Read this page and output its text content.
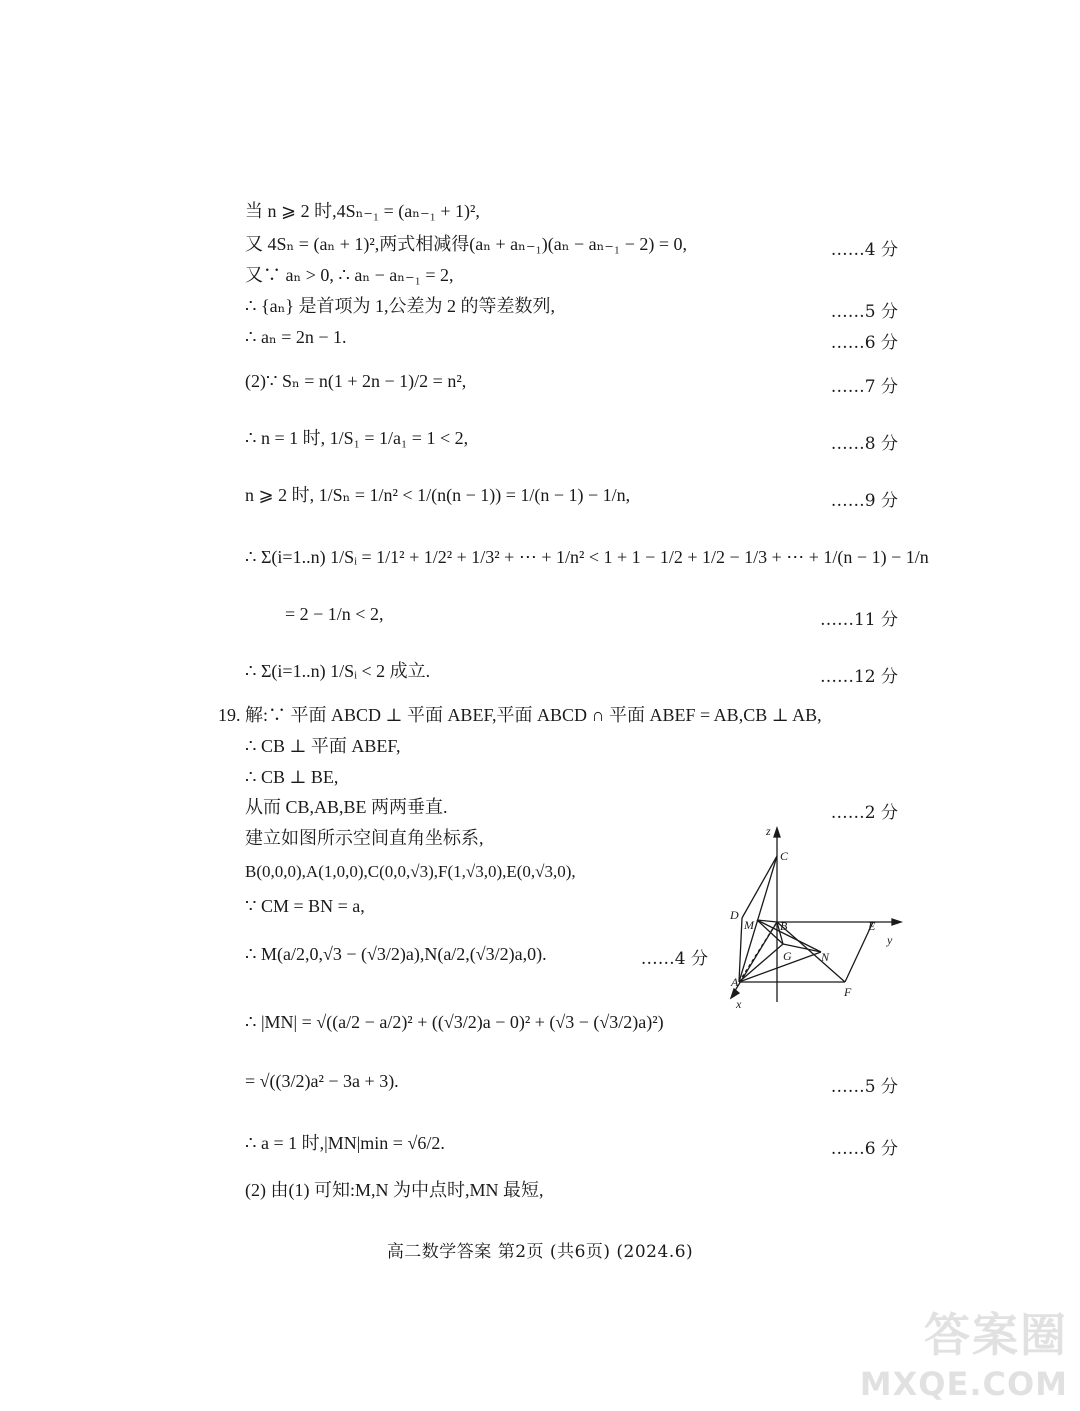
当 n ⩾ 2 时,4Sₙ₋₁ = (aₙ₋₁ + 1)²,
又 4Sₙ = (aₙ + 1)²,两式相减得(aₙ + aₙ₋₁)(aₙ − aₙ₋₁ − 2) = 0,	……4 分
又∵ aₙ > 0, ∴ aₙ − aₙ₋₁ = 2,
∴ {aₙ} 是首项为 1,公差为 2 的等差数列,	……5 分
∴ aₙ = 2n − 1.	……6 分
(2)∵ Sₙ = n(1 + 2n − 1)/2 = n²,	……7 分
∴ n = 1 时, 1/S₁ = 1/a₁ = 1 < 2,	……8 分
n ⩾ 2 时, 1/Sₙ = 1/n² < 1/(n(n − 1)) = 1/(n − 1) − 1/n,	……9 分
∴ Σ(i=1..n) 1/Sᵢ = 1/1² + 1/2² + 1/3² + ⋯ + 1/n² < 1 + 1 − 1/2 + 1/2 − 1/3 + ⋯ + 1/(n − 1) − 1/n
= 2 − 1/n < 2,	……11 分
∴ Σ(i=1..n) 1/Sᵢ < 2 成立.	……12 分
19. 解:∵ 平面 ABCD ⊥ 平面 ABEF,平面 ABCD ∩ 平面 ABEF = AB,CB ⊥ AB,
∴ CB ⊥ 平面 ABEF,
∴ CB ⊥ BE,
从而 CB,AB,BE 两两垂直.	……2 分
建立如图所示空间直角坐标系,
B(0,0,0),A(1,0,0),C(0,0,√3),F(1,√3,0),E(0,√3,0),
∵ CM = BN = a,
∴ M(a/2,0,√3 − (√3/2)a),N(a/2,(√3/2)a,0).	……4 分
∴ |MN| = √((a/2 − a/2)² + ((√3/2)a − 0)² + (√3 − (√3/2)a)²)
= √((3/2)a² − 3a + 3).	……5 分
∴ a = 1 时,|MN|min = √6/2.	……6 分
(2) 由(1) 可知:M,N 为中点时,MN 最短,
z
C
D
M B	E
y
G N
A
F
x
高二数学答案 第2页 (共6页) (2024.6)
答案圈
MXQE.COM
